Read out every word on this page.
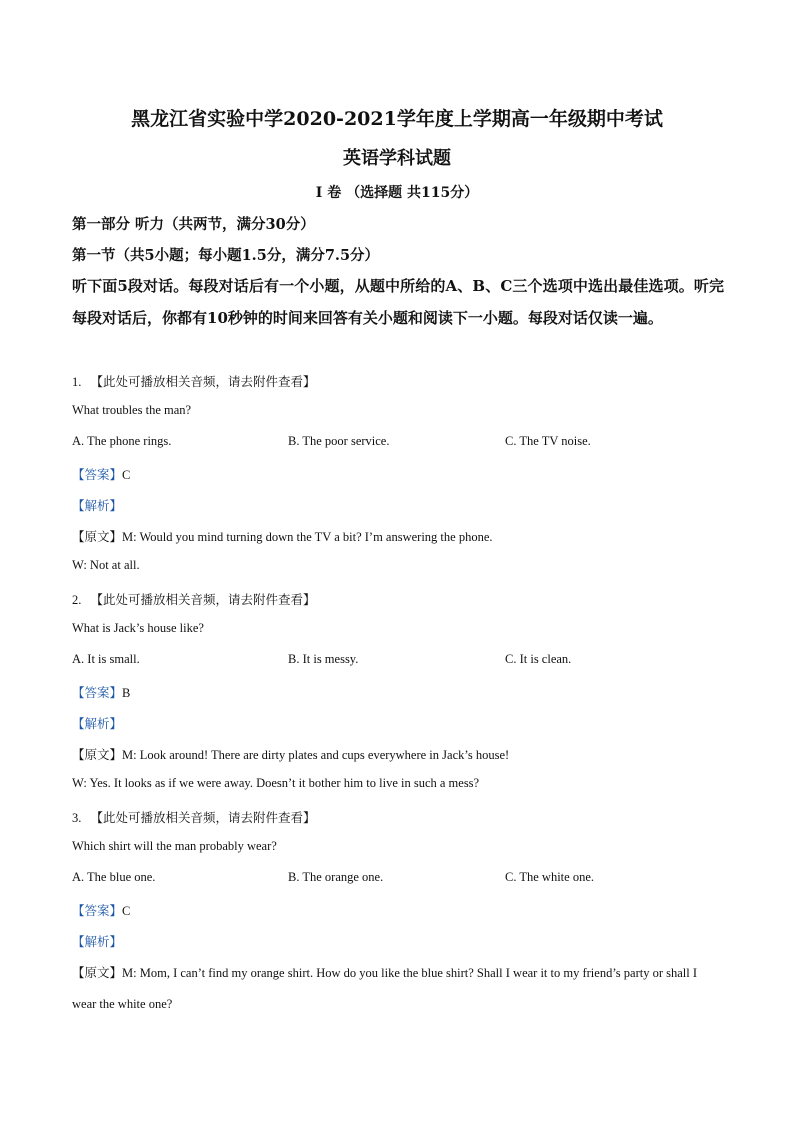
黑龙江省实验中学2020-2021学年度上学期高一年级期中考试
英语学科试题
I 卷 （选择题 共115分）
第一部分 听力（共两节，满分30分）
第一节（共5小题；每小题1.5分，满分7.5分）
听下面5段对话。每段对话后有一个小题，从题中所给的A、B、C三个选项中选出最佳选项。听完每段对话后，你都有10秒钟的时间来回答有关小题和阅读下一小题。每段对话仅读一遍。
1. 【此处可播放相关音频，请去附件查看】
What troubles the man?
A. The phone rings.	B. The poor service.	C. The TV noise.
【答案】C
【解析】
【原文】M: Would you mind turning down the TV a bit? I’m answering the phone.
W: Not at all.
2. 【此处可播放相关音频，请去附件查看】
What is Jack’s house like?
A. It is small.	B. It is messy.	C. It is clean.
【答案】B
【解析】
【原文】M: Look around! There are dirty plates and cups everywhere in Jack’s house!
W: Yes. It looks as if we were away. Doesn’t it bother him to live in such a mess?
3. 【此处可播放相关音频，请去附件查看】
Which shirt will the man probably wear?
A. The blue one.	B. The orange one.	C. The white one.
【答案】C
【解析】
【原文】M: Mom, I can’t find my orange shirt. How do you like the blue shirt? Shall I wear it to my friend’s party or shall I wear the white one?
